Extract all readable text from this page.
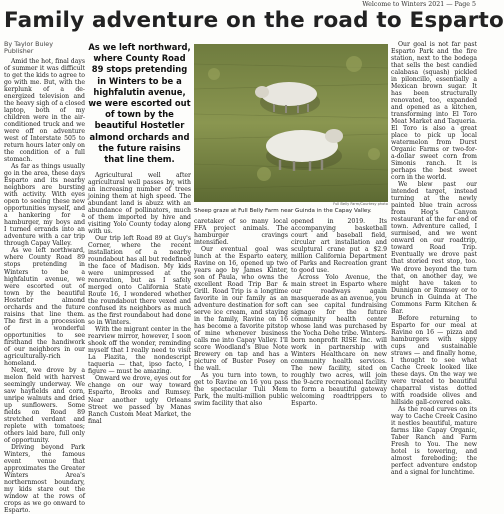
Welcome to Winters 2021 — Page 5
Family adventure on the road to Esparto
As we left northward, where County Road 89 stops pretending in Winters to be a highfalutin avenue, we were escorted out of town by the beautiful Hostetler almond orchards and the future raisins that line them.
Full Belly Farm/Courtesy photo
Sheep graze at Full Belly Farm near Guinda in the Capay Valley.
By Taylor Buley
Publisher

Amid the hot, final days of summer it was difficult to get the kids to agree to go with me. But, with the kerplunk of a de-energized television and the heavy sigh of a closed laptop, both of my children were in the air-conditioned truck and we were off on adventure west of Interstate 505 to return hours later only on the condition of a full stomach.

As far as things usually go in the area, these days Esparto and its nearby neighbors are bursting with activity. With eyes open to seeing these new opportunities myself, and a hankering for a hamburger, my boys and I turned errands into an adventure with a car trip through Capay Valley.

As we left northward, where County Road 89 stops pretending in Winters to be a highfalutin avenue, we were escorted out of town by the beautiful Hostetler almond orchards and the future raisins that line them. The first in a procession of wonderful opportunities to see firsthand the handiwork of our neighbors in our agriculturally-rich homeland.

Next, we drove by a melon field with harvest seemingly underway. We saw hayfields and corn, unripe walnuts and dried up sunflowers. Some fields on Road 89 stretched verdant and replete with tomatoes; others laid bare, full only of opportunity.

Driving beyond Park Winters, the famous event venue that approximates the Greater Winters Area's northernmost boundary, my kids stare out the window at the rows of crops as we go onward to Esparto.

Agricultural well after agricultural well passes by, with an increasing number of trees joining them at high speed. The abundant land is abuzz with an abundance of pollinators, much of them imported by hive and visiting Yolo County today along with us.

Our trip left Road 89 at Guy's Corner, where the recent installation of a nearby roundabout has all but redefined the face of Madison. My kids were unimpressed at the renovation, but as I safely merged onto California State Route 16, I wondered whether the roundabout there vexed and confused its neighbors as much as the first roundabout had done so in Winters.

With the migrant center in the rearview mirror, however, I soon shook off the wonder, reminding myself that I really need to visit La Plazita, the nondescript taqueria — that, ipso facto, I figure — must be amazing.

Onward we drove, eyes out for change on our way toward Esparto, Brooks and Rumsey. Near another ugly Orleans Street we passed by Manas Ranch Custom Meat Market, the final

caretaker of so many local FFA project animals. The hamburger cravings intensified.

Our eventual goal was lunch at the Esparto eatery, Ravine on 16, opened up two years ago by James Kinter, son of Paula, who owns the excellent Road Trip Bar & Grill. Road Trip is a longtime favorite in our family as an adventure destination for soft serve ice cream, and staying in the family, Ravine on 16 has become a favorite pitstop of mine whenever business calls me into Capay Valley. I'll score Woodland's Blue Note Brewery on tap and has a picture of Buster Posey on the wall.

As you turn into town, to get to Ravine on 16 you pass the spectacular Tuli Mem Park, the multi-million public swim facility that also

opened in 2019. Its accompanying basketball court and baseball field, circular art installation and sculptural crane put a $2.9 million California Department of Parks and Recreation grant to good use.

Across Yolo Avenue, the main street in Esparto where our roadways again masquerade as an avenue, you can see capital fundraising signage for the future community health center whose land was purchased by the Yocha Dehe tribe. Winters-born nonprofit RISE Inc. will work in partnership with Winters Healthcare on new community health services. The new facility, sited on roughly two acres, will join the 9-acre recreational facility to form a beautiful gateway welcoming roadtrippers to Esparto.

Our goal is not far past Esparto Park and the fire station, next to the bodega that sells the best candied calabasa (squash) pickled in piloncillo, essentially a Mexican brown sugar. It has been structurally renovated, too, expanded and opened as a kitchen, transforming into El Toro Meat Market and Taqueria. El Toro is also a great place to pick up local watermelon from Durst Organic Farms or two-for-a-dollar sweet corn from Simonis ranch. It is perhaps the best sweet corn in the world.

We blew past our intended target, instead turning at the newly painted blue train across from Hog's Canyon restaurant at the far end of town. Adventure called, I surmised, and we went onward on our roadtrip, toward Road Trip. Eventually we drove past that storied rest stop, too. We drove beyond the turn that, on another day, we might have taken to Dunnigan or Rumsey or to brunch in Guinda at The Commons Farm Kitchen & Bar.

Before returning to Esparto for our meal at Ravine on 16 — pizza and hamburgers with sippy cups and sustainable straws — and finally home, I thought to see what Cache Creek looked like these days. On the way we were treated to beautiful chaparral vistas dotted with roadside olives and hillside gall-covered oaks.

As the road curves on its way to Cache Creek Casino it nestles beautiful, mature farms like Capay Organic, Taber Ranch and Farm Fresh to You. The new hotel is towering, and almost foreboding; the perfect adventure endstop and a signal for lunchtime.
